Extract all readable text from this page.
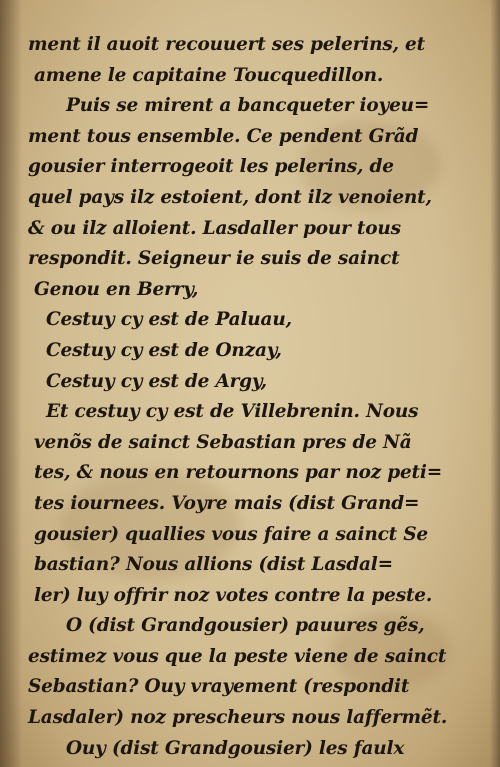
ment il auoit recouuert ses pelerins, et
amene le capitaine Toucquedillon.
Puis se mirent a bancqueter ioyeu=
ment tous ensemble. Ce pendent Grãd
gousier interrogeoit les pelerins, de
quel pays ilz estoient, dont ilz venoient,
& ou ilz alloient. Lasdaller pour tous
respondit. Seigneur ie suis de sainct
Genou en Berry,
Cestuy cy est de Paluau,
Cestuy cy est de Onzay,
Cestuy cy est de Argy,
Et cestuy cy est de Villebrenin. Nous
venõs de sainct Sebastian pres de Nã
tes, & nous en retournons par noz peti=
tes iournees. Voyre mais (dist Grand=
gousier) quallies vous faire a sainct Se
bastian? Nous allions (dist Lasdal=
ler) luy offrir noz votes contre la peste.
O (dist Grandgousier) pauures gẽs,
estimez vous que la peste viene de sainct
Sebastian? Ouy vrayement (respondit
Lasdaler) noz prescheurs nous laffermẽt.
Ouy (dist Grandgousier) les faulx
